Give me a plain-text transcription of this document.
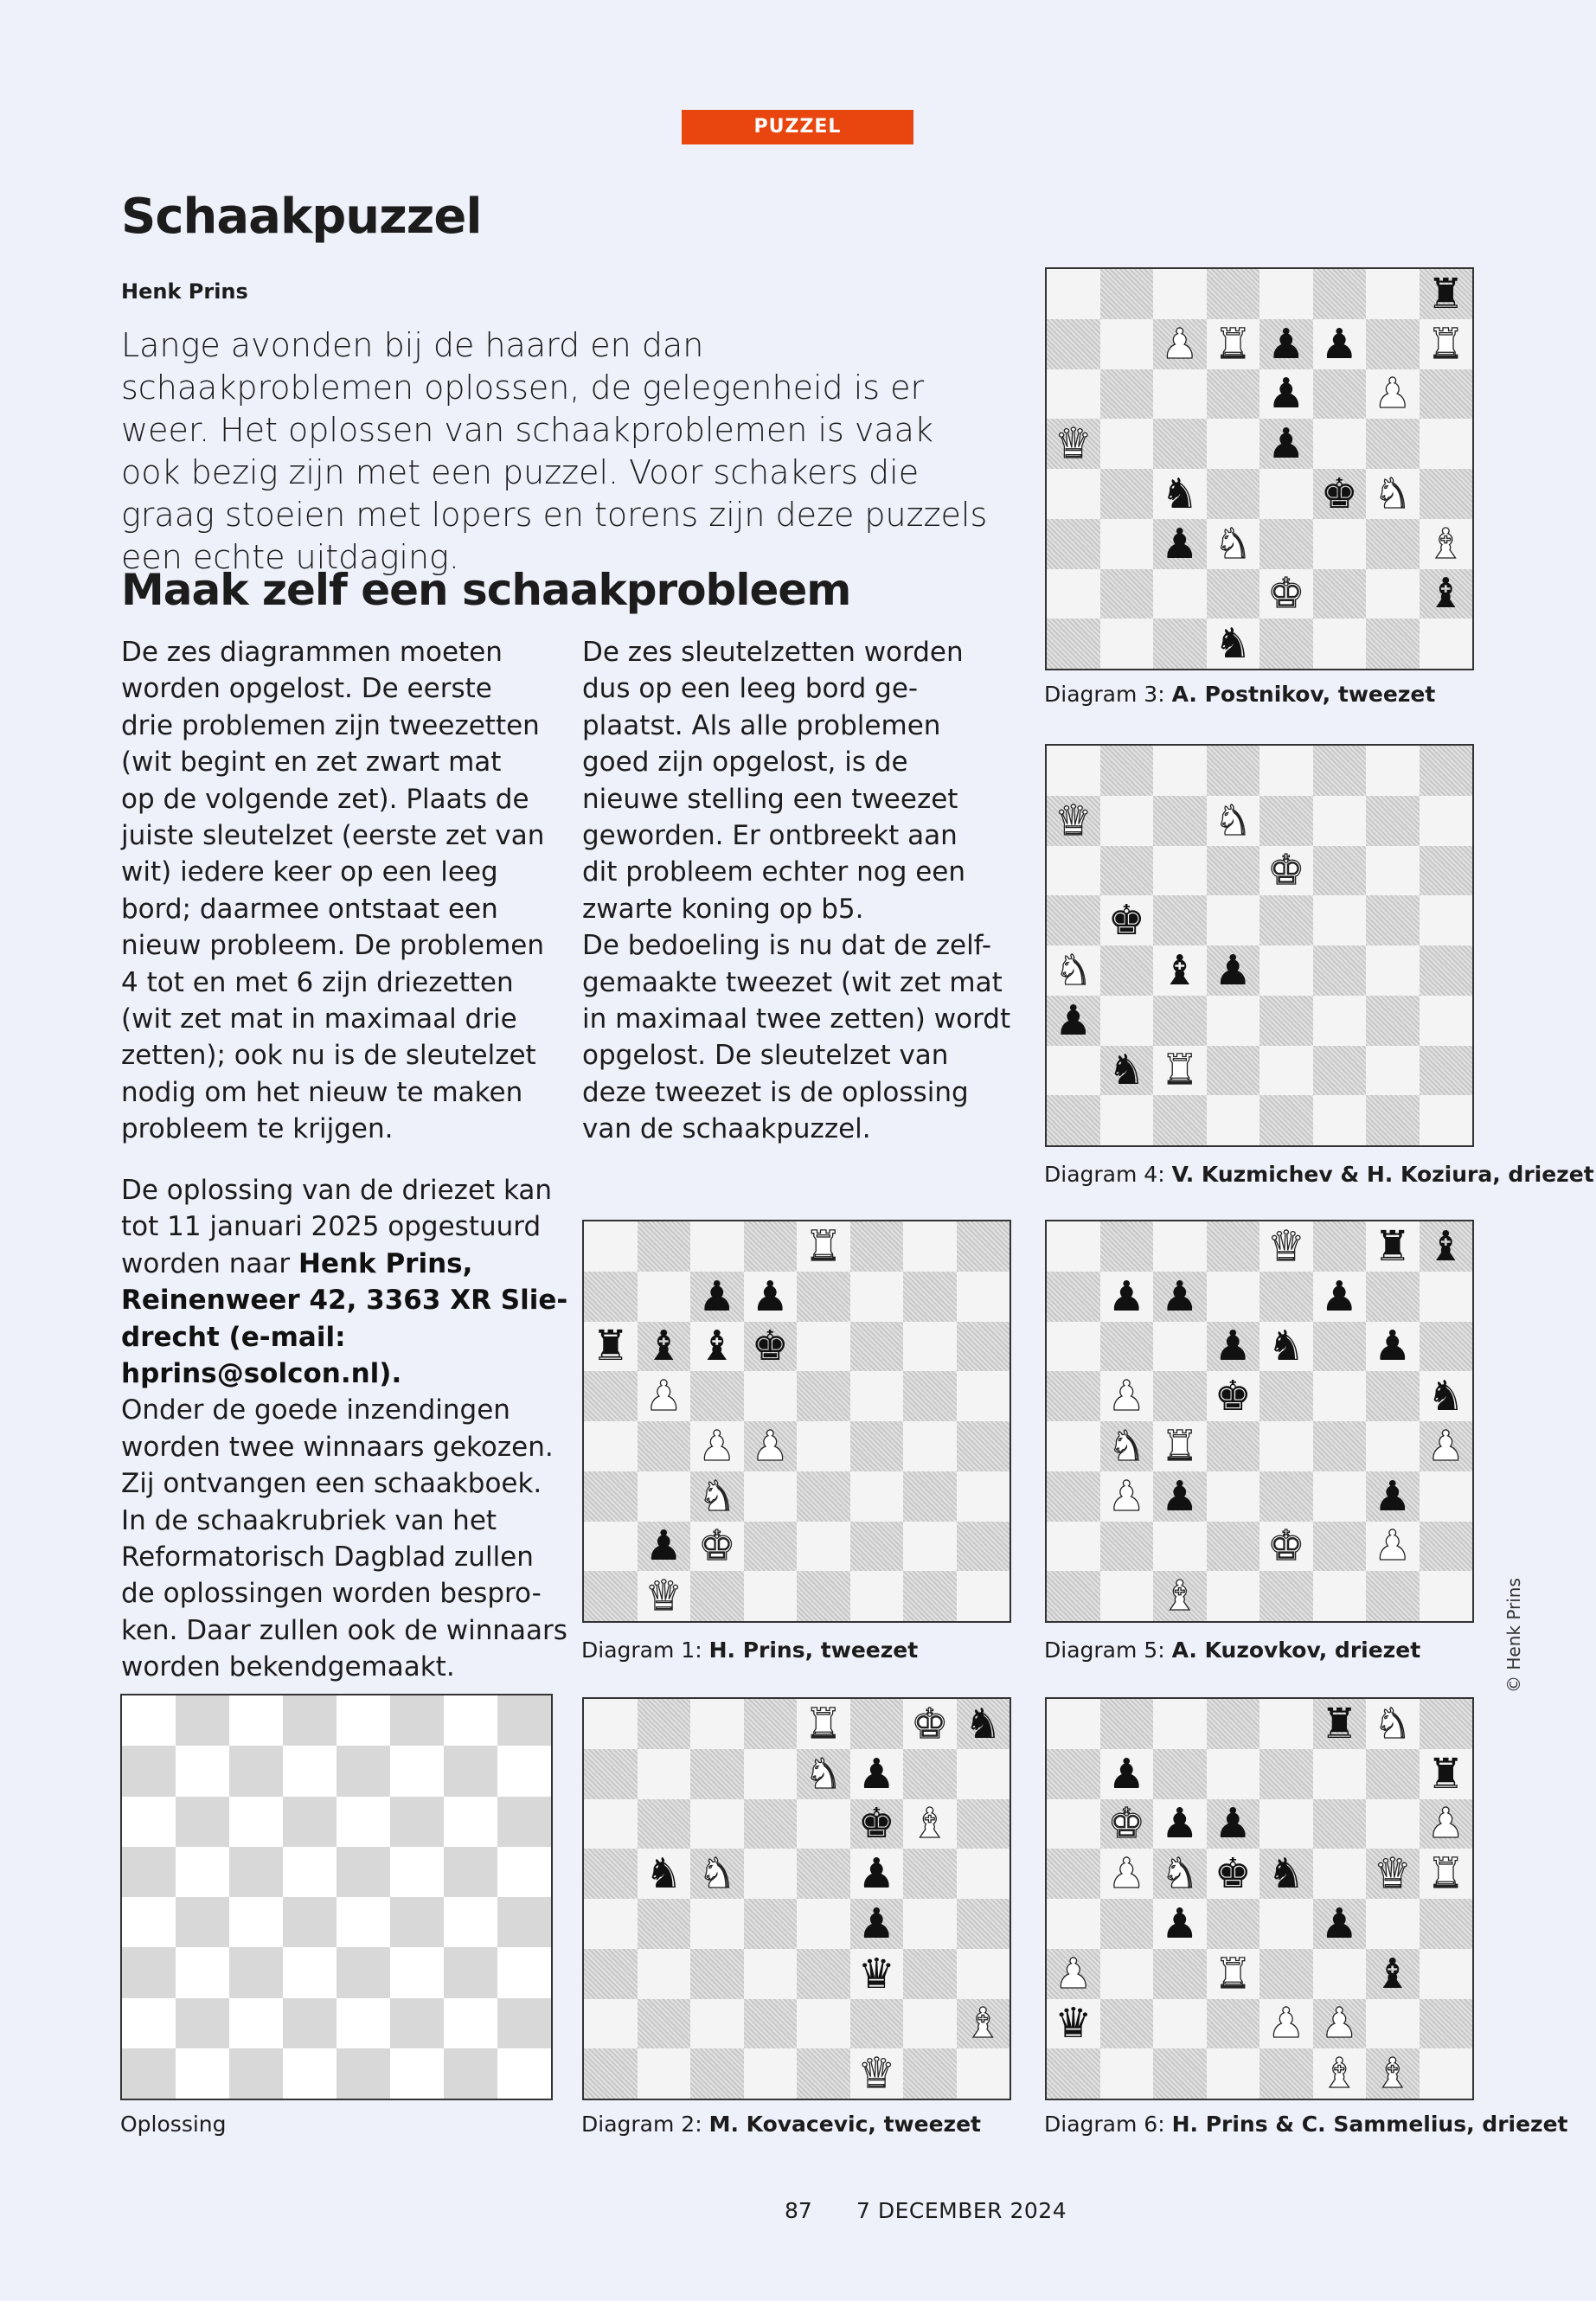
PUZZEL
Schaakpuzzel
Henk Prins

Lange avonden bij de haard en dan schaakproblemen oplossen, de gelegenheid is er weer. Het oplossen van schaakproblemen is vaak ook bezig zijn met een puzzel. Voor schakers die graag stoeien met lopers en torens zijn deze puzzels een echte uitdaging.

Maak zelf een schaakprobleem

De zes diagrammen moeten
worden opgelost. De eerste
drie problemen zijn tweezetten
(wit begint en zet zwart mat
op de volgende zet). Plaats de
juiste sleutelzet (eerste zet van
wit) iedere keer op een leeg
bord; daarmee ontstaat een
nieuw probleem. De problemen
4 tot en met 6 zijn driezetten
(wit zet mat in maximaal drie
zetten); ook nu is de sleutelzet
nodig om het nieuw te maken
probleem te krijgen.

De oplossing van de driezet kan
tot 11 januari 2025 opgestuurd
worden naar Henk Prins,
Reinenweer 42, 3363 XR Slie-
drecht (e-mail: hprins@solcon.nl).
Onder de goede inzendingen
worden twee winnaars gekozen.
Zij ontvangen een schaakboek.
In de schaakrubriek van het
Reformatorisch Dagblad zullen
de oplossingen worden bespro-
ken. Daar zullen ook de winnaars
worden bekendgemaakt.

De zes sleutelzetten worden
dus op een leeg bord ge-
plaatst. Als alle problemen
goed zijn opgelost, is de
nieuwe stelling een tweezet
geworden. Er ontbreekt aan
dit probleem echter nog een
zwarte koning op b5.
De bedoeling is nu dat de zelf-
gemaakte tweezet (wit zet mat
in maximaal twee zetten) wordt
opgelost. De sleutelzet van
deze tweezet is de oplossing
van de schaakpuzzel.

♜
♟ ♜ ♟ ♟ ♜
♟ ♟
♛	♟
♞	♚ ♞
♟ ♞	♝
♚	♝
♞
Diagram 3: A. Postnikov, tweezet
♛	♞
♚
♚
♞ ♝ ♟
♟
♞ ♜
Diagram 4: V. Kuzmichev & H. Koziura, driezet
♜
♟ ♟
♜ ♝ ♝ ♚
♟
♟ ♟
♞
♟ ♚
♛
Diagram 1: H. Prins, tweezet
♛ ♜ ♝
♟ ♟	♟
♟ ♞ ♟
♟ ♚	♞
♞ ♜	♟
♟ ♟	♟
♚ ♟
♝
Diagram 5: A. Kuzovkov, driezet
Oplossing
♜ ♚ ♞
♞ ♟
♚ ♝
♞ ♞	♟
♟
♛
♝
♛
Diagram 2: M. Kovacevic, tweezet
♜ ♞
♟	♜
♚ ♟ ♟	♟
♟ ♞ ♚ ♞ ♛ ♜
♟	♟
♟	♜	♝
♛	♟ ♟
♝ ♝
Diagram 6: H. Prins & C. Sammelius, driezet
© Henk Prins
87 7 DECEMBER 2024
